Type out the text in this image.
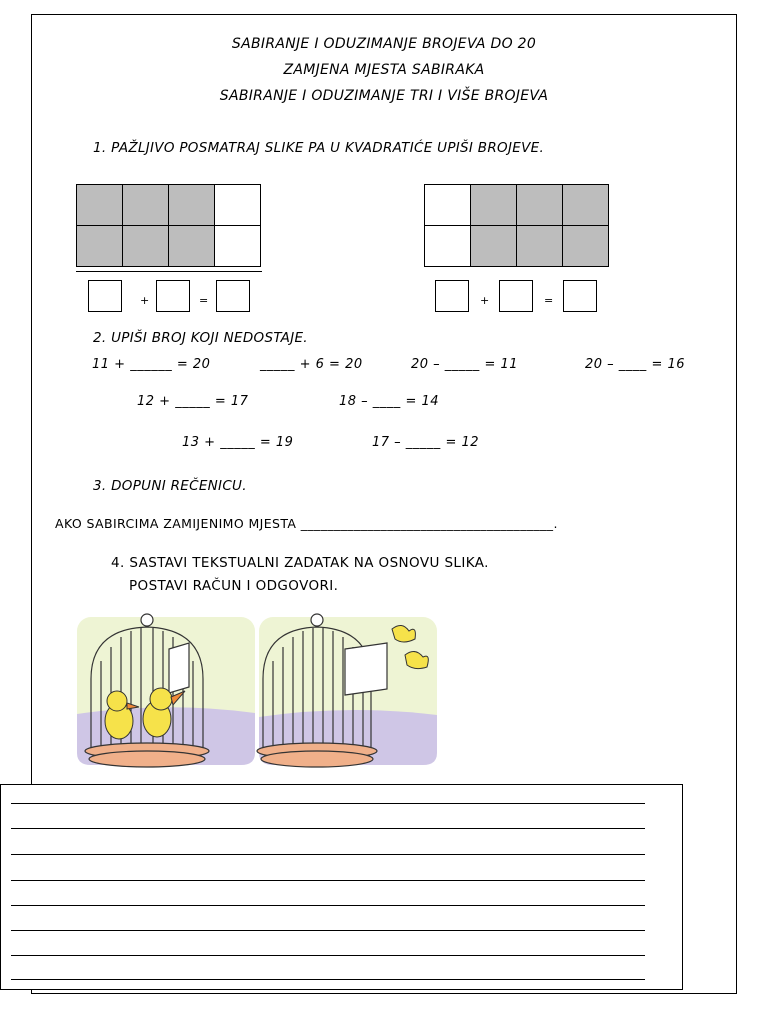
SABIRANJE I ODUZIMANJE BROJEVA DO 20
ZAMJENA MJESTA SABIRAKA
SABIRANJE I ODUZIMANJE TRI I VIŠE BROJEVA
1. PAŽLJIVO POSMATRAJ SLIKE PA U KVADRATIĆE UPIŠI BROJEVE.

+	=	+	=
2. UPIŠI BROJ KOJI NEDOSTAJE.
11 + ______ = 20	_____ + 6 = 20	20 – _____ = 11	20 – ____ = 16
12 + _____ = 17	18 – ____ = 14
13 + _____ = 19	17 – _____ = 12
3. DOPUNI REČENICU.
AKO SABIRCIMA ZAMIJENIMO MJESTA ______________________________________.
4. SASTAVI TEKSTUALNI ZADATAK NA OSNOVU SLIKA.
POSTAVI RAČUN I ODGOVORI.
